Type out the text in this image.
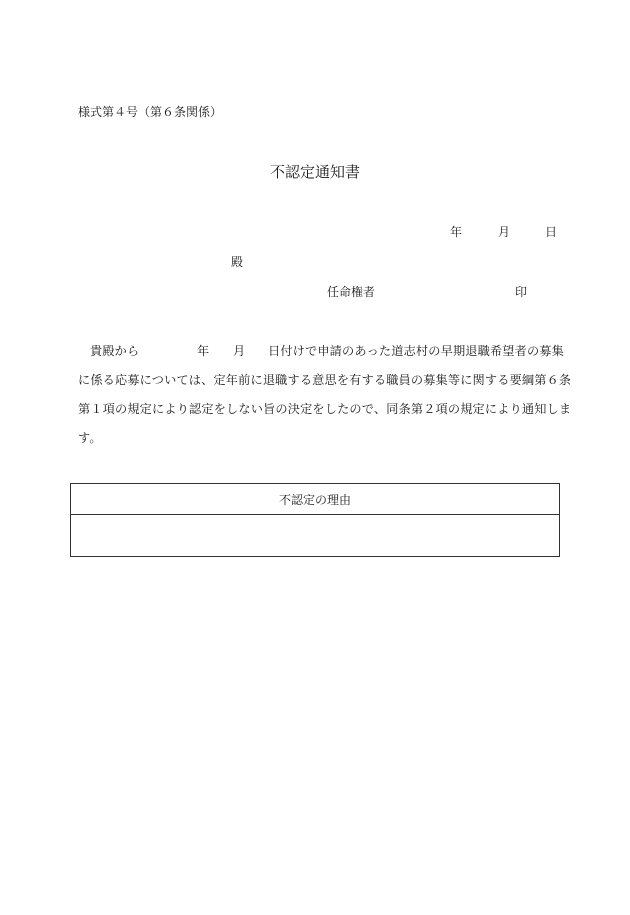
様式第４号（第６条関係）
不認定通知書
年	月	日
殿
任命権者	印
貴殿から	年 月 日付けで申請のあった道志村の早期退職希望者の募集
に係る応募については、定年前に退職する意思を有する職員の募集等に関する要綱第６条
第１項の規定により認定をしない旨の決定をしたので、同条第２項の規定により通知しま
す。
不認定の理由
